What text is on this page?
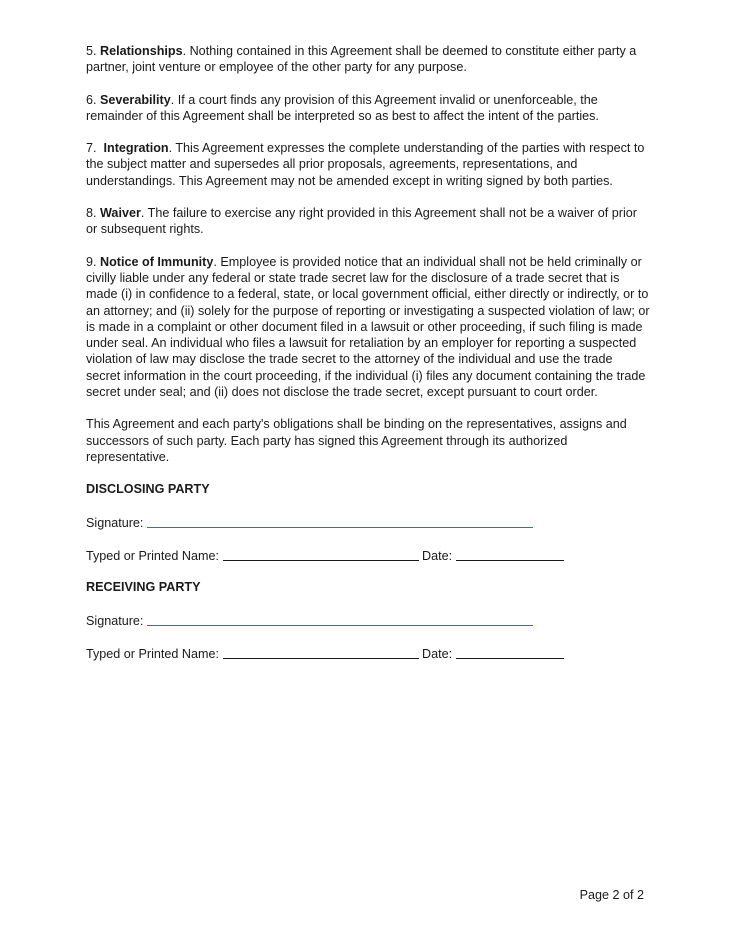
5. Relationships. Nothing contained in this Agreement shall be deemed to constitute either party a partner, joint venture or employee of the other party for any purpose.

6. Severability. If a court finds any provision of this Agreement invalid or unenforceable, the remainder of this Agreement shall be interpreted so as best to affect the intent of the parties.

7.  Integration. This Agreement expresses the complete understanding of the parties with respect to the subject matter and supersedes all prior proposals, agreements, representations, and understandings. This Agreement may not be amended except in writing signed by both parties.

8. Waiver. The failure to exercise any right provided in this Agreement shall not be a waiver of prior or subsequent rights.

9. Notice of Immunity. Employee is provided notice that an individual shall not be held criminally or civilly liable under any federal or state trade secret law for the disclosure of a trade secret that is made (i) in confidence to a federal, state, or local government official, either directly or indirectly, or to an attorney; and (ii) solely for the purpose of reporting or investigating a suspected violation of law; or is made in a complaint or other document filed in a lawsuit or other proceeding, if such filing is made under seal. An individual who files a lawsuit for retaliation by an employer for reporting a suspected violation of law may disclose the trade secret to the attorney of the individual and use the trade secret information in the court proceeding, if the individual (i) files any document containing the trade secret under seal; and (ii) does not disclose the trade secret, except pursuant to court order.

This Agreement and each party's obligations shall be binding on the representatives, assigns and successors of such party. Each party has signed this Agreement through its authorized representative.

DISCLOSING PARTY
Signature:
Typed or Printed Name:	Date:
RECEIVING PARTY
Signature:
Typed or Printed Name:	Date:
Page 2 of 2
